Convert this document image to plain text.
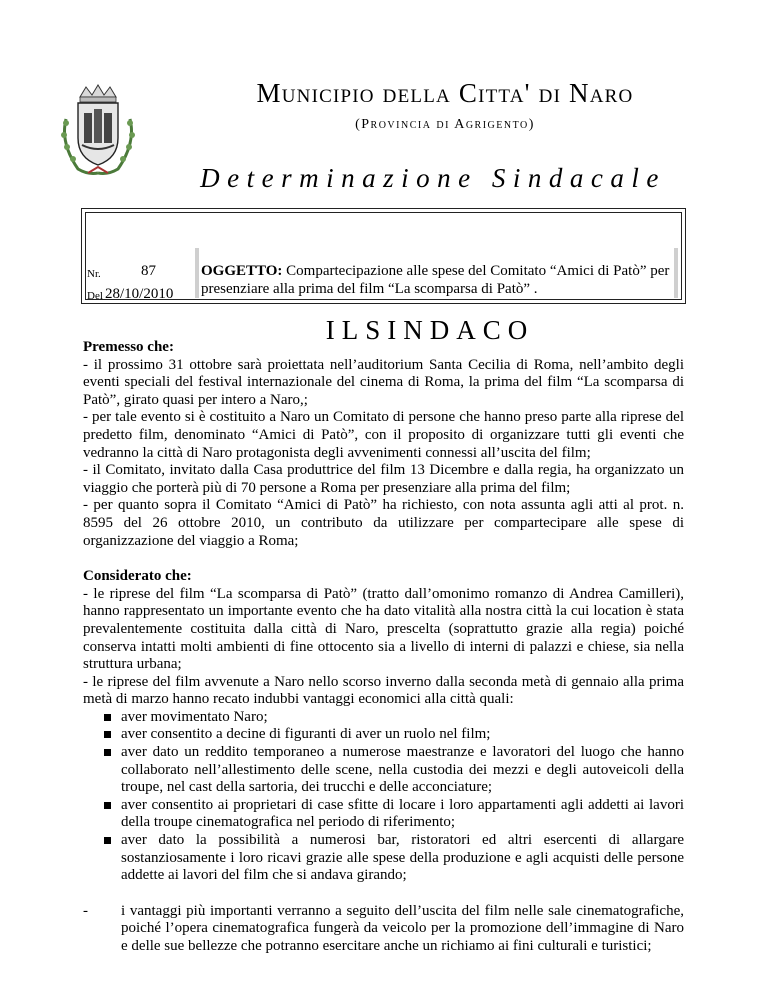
Municipio della Citta' di Naro
(Provincia di Agrigento)
Determinazione Sindacale
Nr.	87
Del 28/10/2010
OGGETTO: Compartecipazione alle spese del Comitato “Amici di Patò” per presenziare alla prima del film “La scomparsa di Patò” .
ILSINDACO

Premesso che:

- il prossimo 31 ottobre sarà proiettata nell’auditorium Santa Cecilia di Roma, nell’ambito degli eventi speciali del festival internazionale del cinema di Roma, la prima del film “La scomparsa di Patò”, girato quasi per intero a Naro,;

- per tale evento si è costituito a Naro un Comitato di persone che hanno preso parte alla riprese del predetto film, denominato “Amici di Patò”, con il proposito di organizzare tutti gli eventi che vedranno la città di Naro protagonista degli avvenimenti connessi all’uscita del film;

- il Comitato, invitato dalla Casa produttrice del film 13 Dicembre e dalla regia, ha organizzato un viaggio che porterà più di 70 persone a Roma per presenziare alla prima del film;

- per quanto sopra il Comitato “Amici di Patò” ha richiesto, con nota assunta agli atti al prot. n. 8595 del 26 ottobre 2010, un contributo da utilizzare per compartecipare alle spese di organizzazione del viaggio a Roma;

Considerato che:

- le riprese del film “La scomparsa di Patò” (tratto dall’omonimo romanzo di Andrea Camilleri), hanno rappresentato un importante evento che ha dato vitalità alla nostra città la cui location è stata prevalentemente costituita dalla città di Naro, prescelta (soprattutto grazie alla regia) poiché conserva intatti molti ambienti di fine ottocento sia a livello di interni di palazzi e chiese, sia nella struttura urbana;

- le riprese del film avvenute a Naro nello scorso inverno dalla seconda metà di gennaio alla prima metà di marzo hanno recato indubbi vantaggi economici alla città quali:

aver movimentato Naro;
aver consentito a decine di figuranti di aver un ruolo nel film;
aver dato un reddito temporaneo a numerose maestranze e lavoratori del luogo che hanno collaborato nell’allestimento delle scene, nella custodia dei mezzi e degli autoveicoli della troupe, nel cast della sartoria, dei trucchi e delle acconciature;
aver consentito ai proprietari di case sfitte di locare i loro appartamenti agli addetti ai lavori della troupe cinematografica nel periodo di riferimento;
aver dato la possibilità a numerosi bar, ristoratori ed altri esercenti di allargare sostanziosamente i loro ricavi grazie alle spese della produzione e agli acquisti delle persone addette ai lavori del film che si andava girando;
- i vantaggi più importanti verranno a seguito dell’uscita del film nelle sale cinematografiche, poiché l’opera cinematografica fungerà da veicolo per la promozione dell’immagine di Naro e delle sue bellezze che potranno esercitare anche un richiamo ai fini culturali e turistici;
